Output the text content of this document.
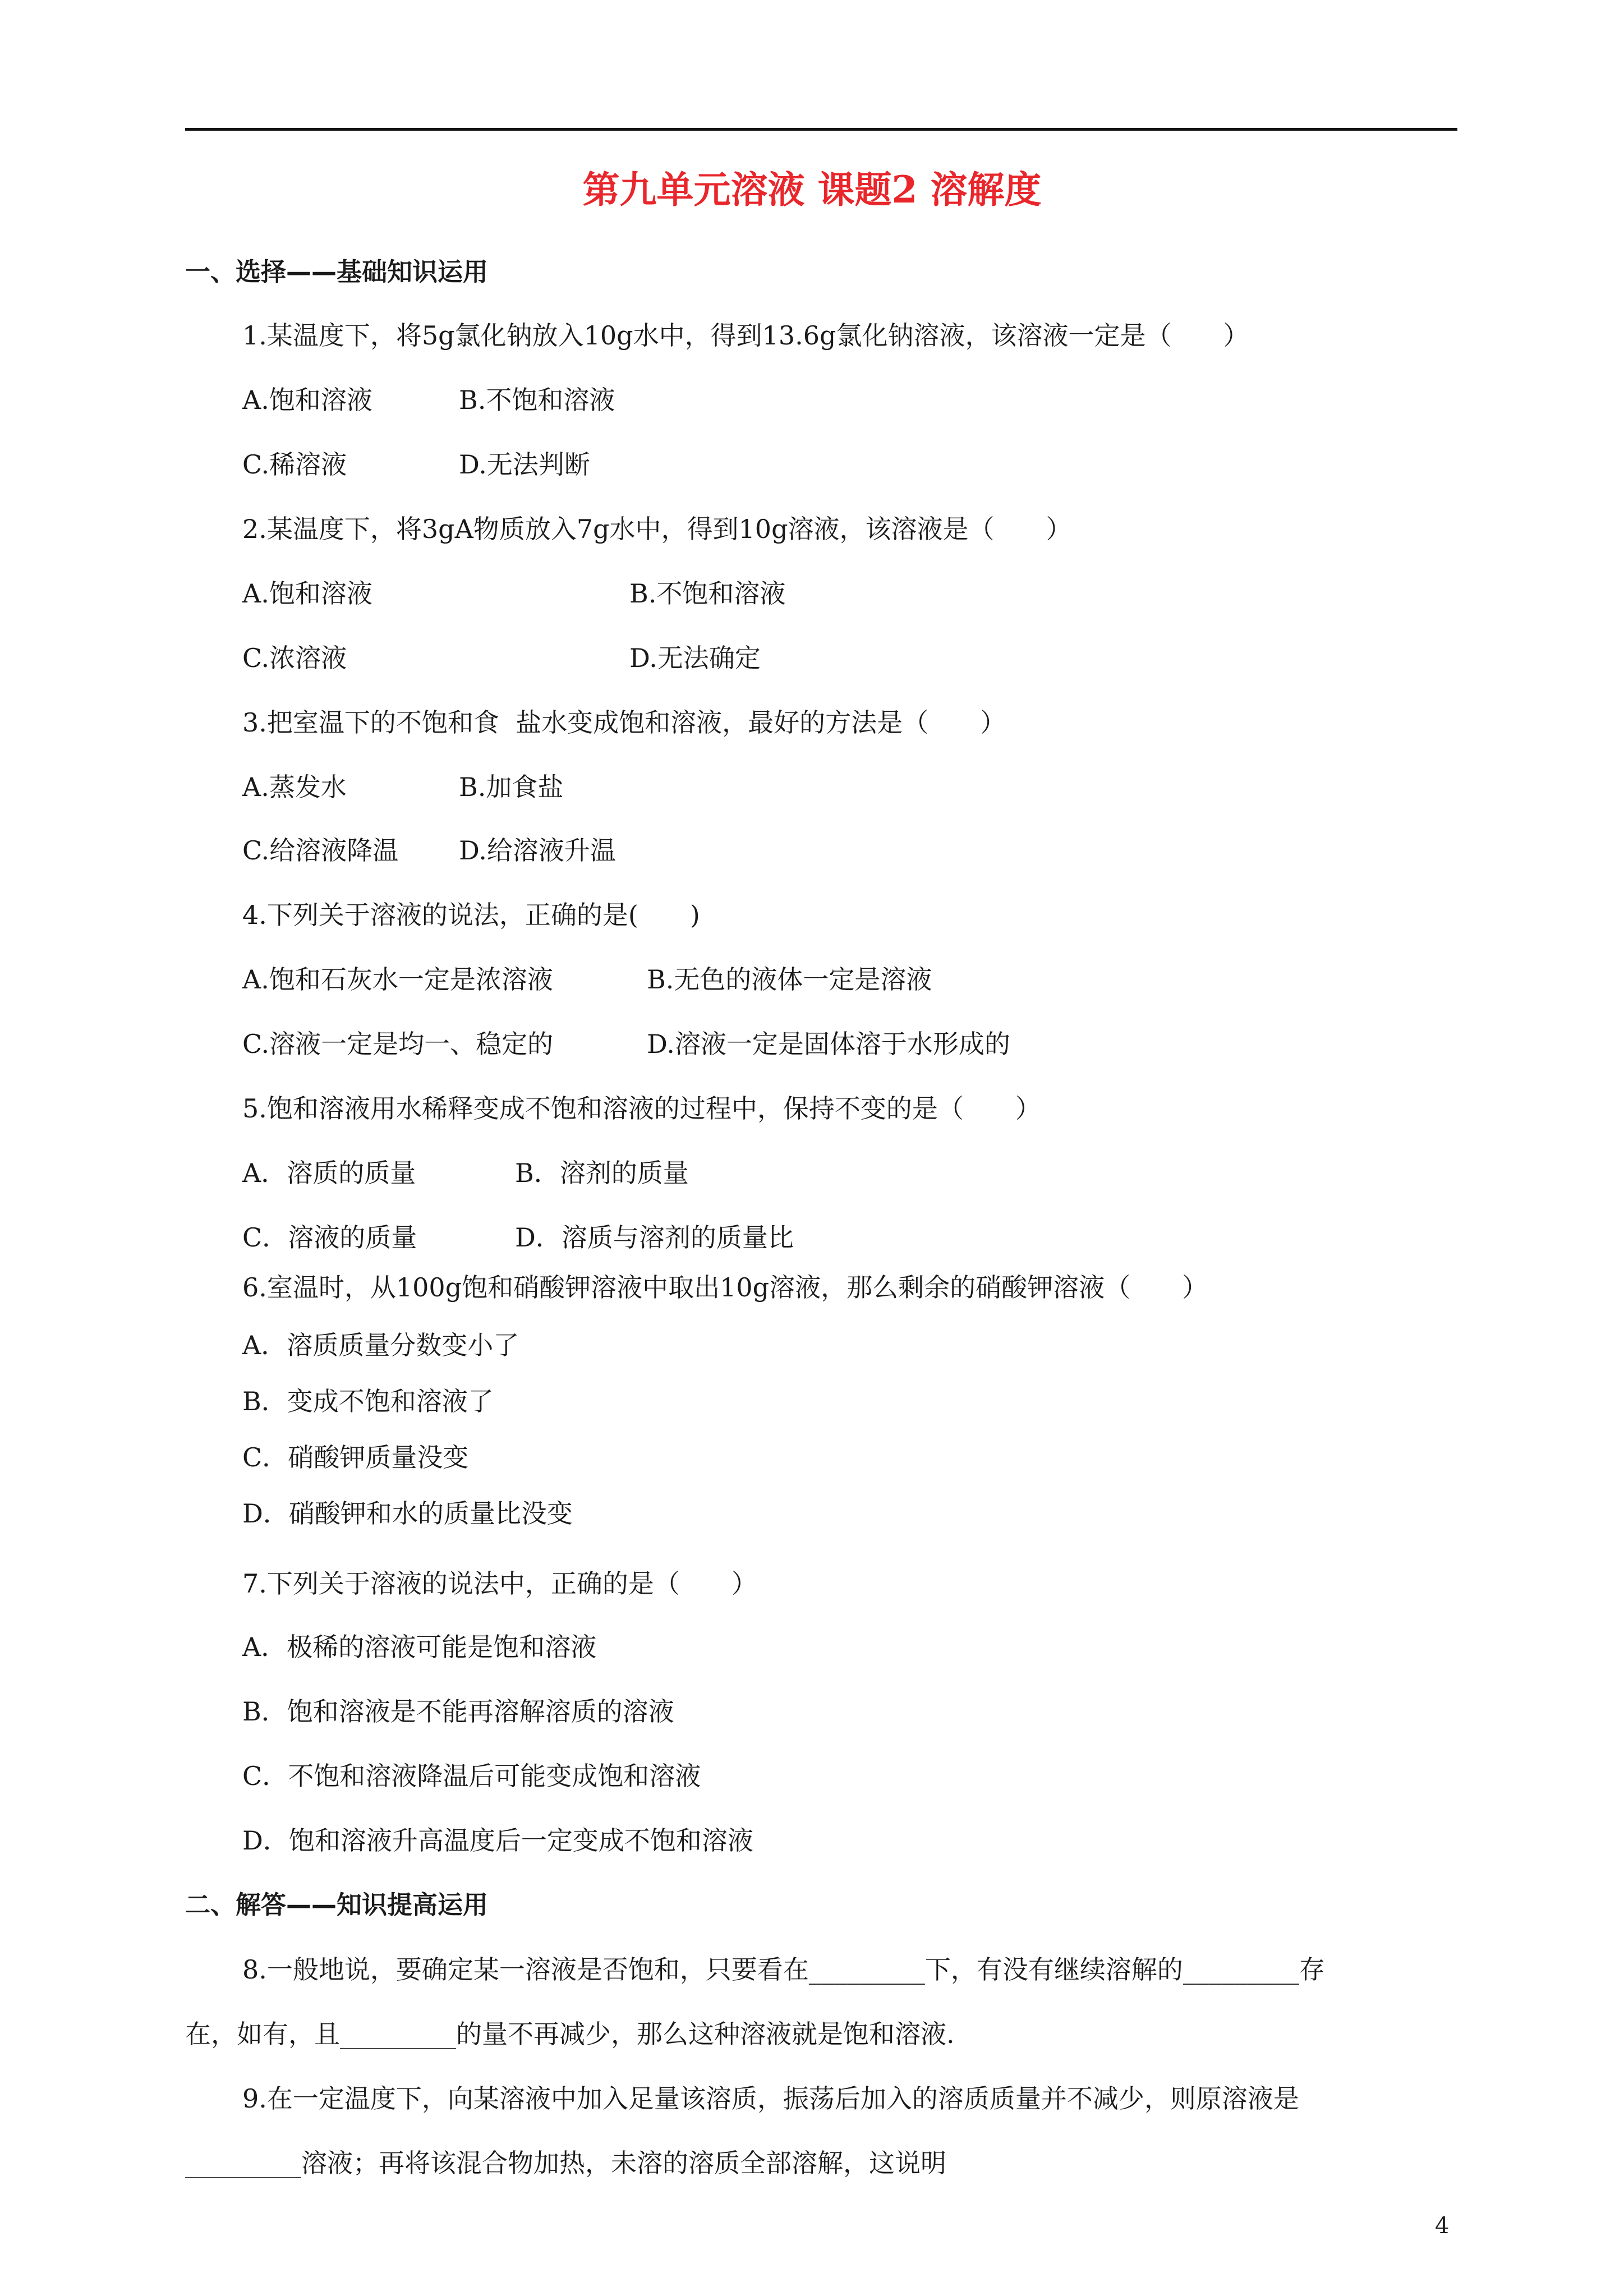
第九单元溶液 课题2 溶解度
一、选择——基础知识运用
1.某温度下，将5g氯化钠放入10g水中，得到13.6g氯化钠溶液，该溶液一定是（　　）
A.饱和溶液	B.不饱和溶液
C.稀溶液	D.无法判断
2.某温度下，将3gA物质放入7g水中，得到10g溶液，该溶液是（　　）
A.饱和溶液	B.不饱和溶液
C.浓溶液	D.无法确定
3.把室温下的不饱和食  盐水变成饱和溶液，最好的方法是（　　）
A.蒸发水	B.加食盐
C.给溶液降温 D.给溶液升温
4.下列关于溶液的说法，正确的是(　　)
A.饱和石灰水一定是浓溶液	B.无色的液体一定是溶液
C.溶液一定是均一、稳定的	D.溶液一定是固体溶于水形成的
5.饱和溶液用水稀释变成不饱和溶液的过程中，保持不变的是（　　）
A．溶质的质量	B．溶剂的质量
C．溶液的质量	D．溶质与溶剂的质量比
6.室温时，从100g饱和硝酸钾溶液中取出10g溶液，那么剩余的硝酸钾溶液（　　）
A．溶质质量分数变小了
B．变成不饱和溶液了
C．硝酸钾质量没变
D．硝酸钾和水的质量比没变
7.下列关于溶液的说法中，正确的是（　　）
A．极稀的溶液可能是饱和溶液
B．饱和溶液是不能再溶解溶质的溶液
C．不饱和溶液降温后可能变成饱和溶液
D．饱和溶液升高温度后一定变成不饱和溶液
二、解答——知识提高运用
8.一般地说，要确定某一溶液是否饱和，只要看在_________下，有没有继续溶解的_________存
在，如有，且_________的量不再减少，那么这种溶液就是饱和溶液.
9.在一定温度下，向某溶液中加入足量该溶质，振荡后加入的溶质质量并不减少，则原溶液是
_________溶液；再将该混合物加热，未溶的溶质全部溶解，这说明
4
